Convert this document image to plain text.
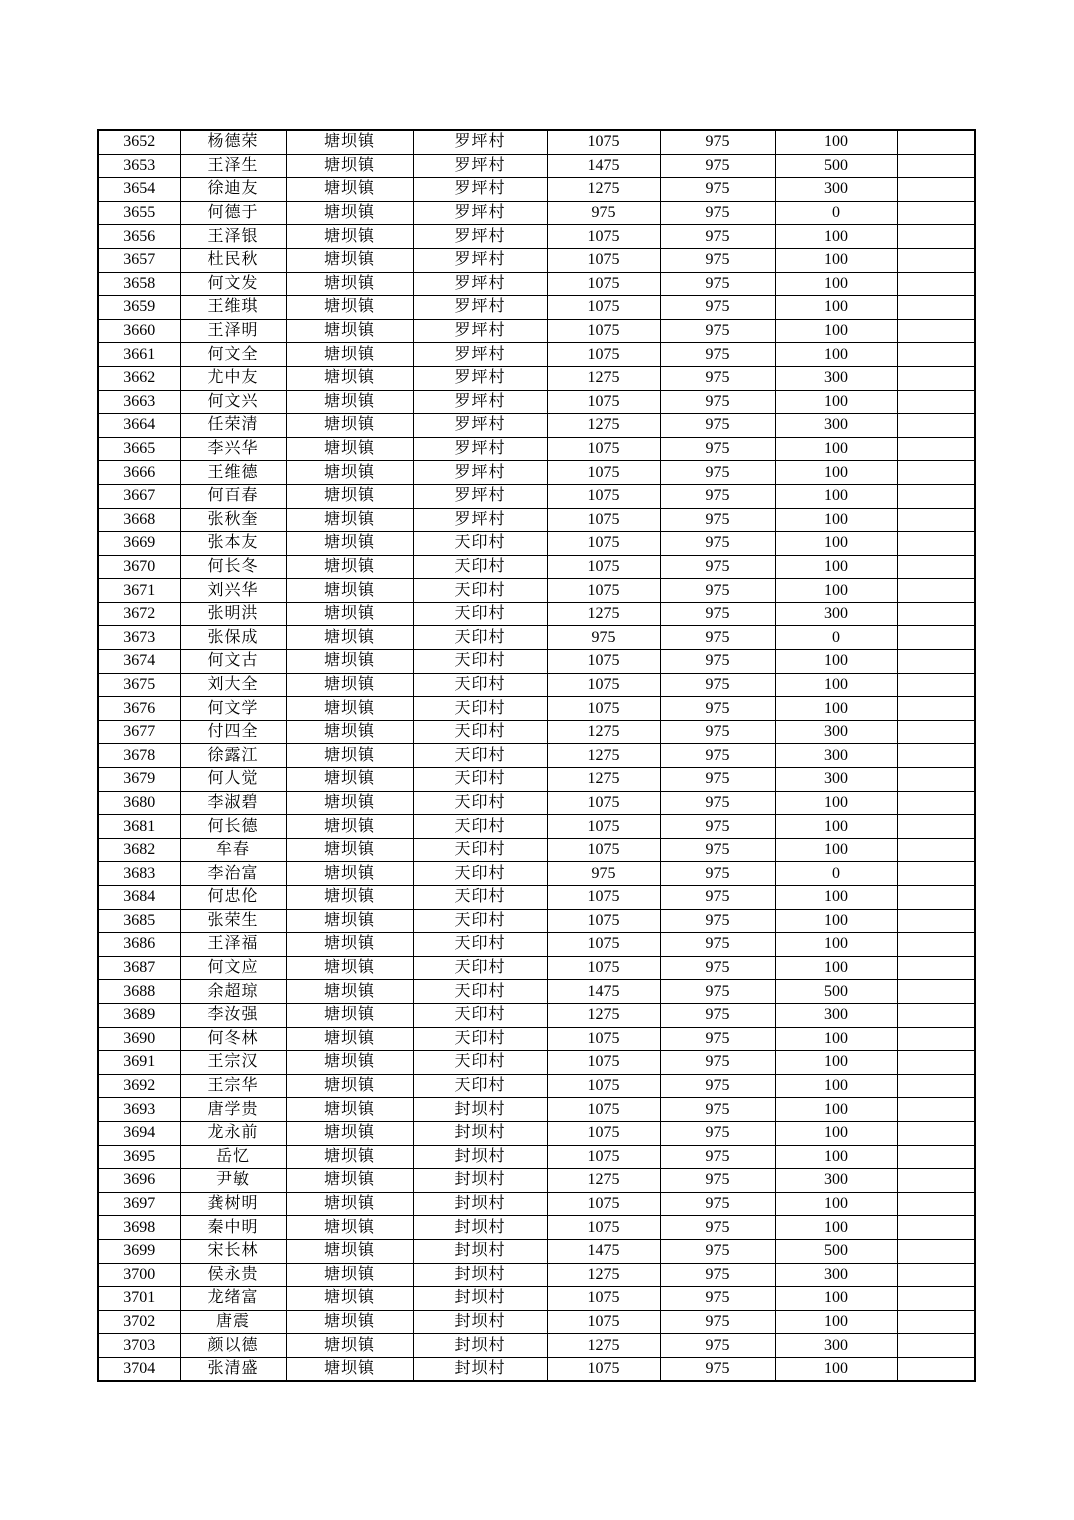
3652	杨德荣	塘坝镇	罗坪村	1075	975	100	
3653	王泽生	塘坝镇	罗坪村	1475	975	500	
3654	徐迪友	塘坝镇	罗坪村	1275	975	300	
3655	何德于	塘坝镇	罗坪村	975	975	0	
3656	王泽银	塘坝镇	罗坪村	1075	975	100	
3657	杜民秋	塘坝镇	罗坪村	1075	975	100	
3658	何文发	塘坝镇	罗坪村	1075	975	100	
3659	王维琪	塘坝镇	罗坪村	1075	975	100	
3660	王泽明	塘坝镇	罗坪村	1075	975	100	
3661	何文全	塘坝镇	罗坪村	1075	975	100	
3662	尤中友	塘坝镇	罗坪村	1275	975	300	
3663	何文兴	塘坝镇	罗坪村	1075	975	100	
3664	任荣清	塘坝镇	罗坪村	1275	975	300	
3665	李兴华	塘坝镇	罗坪村	1075	975	100	
3666	王维德	塘坝镇	罗坪村	1075	975	100	
3667	何百春	塘坝镇	罗坪村	1075	975	100	
3668	张秋奎	塘坝镇	罗坪村	1075	975	100	
3669	张本友	塘坝镇	天印村	1075	975	100	
3670	何长冬	塘坝镇	天印村	1075	975	100	
3671	刘兴华	塘坝镇	天印村	1075	975	100	
3672	张明洪	塘坝镇	天印村	1275	975	300	
3673	张保成	塘坝镇	天印村	975	975	0	
3674	何文古	塘坝镇	天印村	1075	975	100	
3675	刘大全	塘坝镇	天印村	1075	975	100	
3676	何文学	塘坝镇	天印村	1075	975	100	
3677	付四全	塘坝镇	天印村	1275	975	300	
3678	徐露江	塘坝镇	天印村	1275	975	300	
3679	何人觉	塘坝镇	天印村	1275	975	300	
3680	李淑碧	塘坝镇	天印村	1075	975	100	
3681	何长德	塘坝镇	天印村	1075	975	100	
3682	牟春	塘坝镇	天印村	1075	975	100	
3683	李治富	塘坝镇	天印村	975	975	0	
3684	何忠伦	塘坝镇	天印村	1075	975	100	
3685	张荣生	塘坝镇	天印村	1075	975	100	
3686	王泽福	塘坝镇	天印村	1075	975	100	
3687	何文应	塘坝镇	天印村	1075	975	100	
3688	余超琼	塘坝镇	天印村	1475	975	500	
3689	李汝强	塘坝镇	天印村	1275	975	300	
3690	何冬林	塘坝镇	天印村	1075	975	100	
3691	王宗汉	塘坝镇	天印村	1075	975	100	
3692	王宗华	塘坝镇	天印村	1075	975	100	
3693	唐学贵	塘坝镇	封坝村	1075	975	100	
3694	龙永前	塘坝镇	封坝村	1075	975	100	
3695	岳忆	塘坝镇	封坝村	1075	975	100	
3696	尹敏	塘坝镇	封坝村	1275	975	300	
3697	龚树明	塘坝镇	封坝村	1075	975	100	
3698	秦中明	塘坝镇	封坝村	1075	975	100	
3699	宋长林	塘坝镇	封坝村	1475	975	500	
3700	侯永贵	塘坝镇	封坝村	1275	975	300	
3701	龙绪富	塘坝镇	封坝村	1075	975	100	
3702	唐震	塘坝镇	封坝村	1075	975	100	
3703	颜以德	塘坝镇	封坝村	1275	975	300	
3704	张清盛	塘坝镇	封坝村	1075	975	100	
